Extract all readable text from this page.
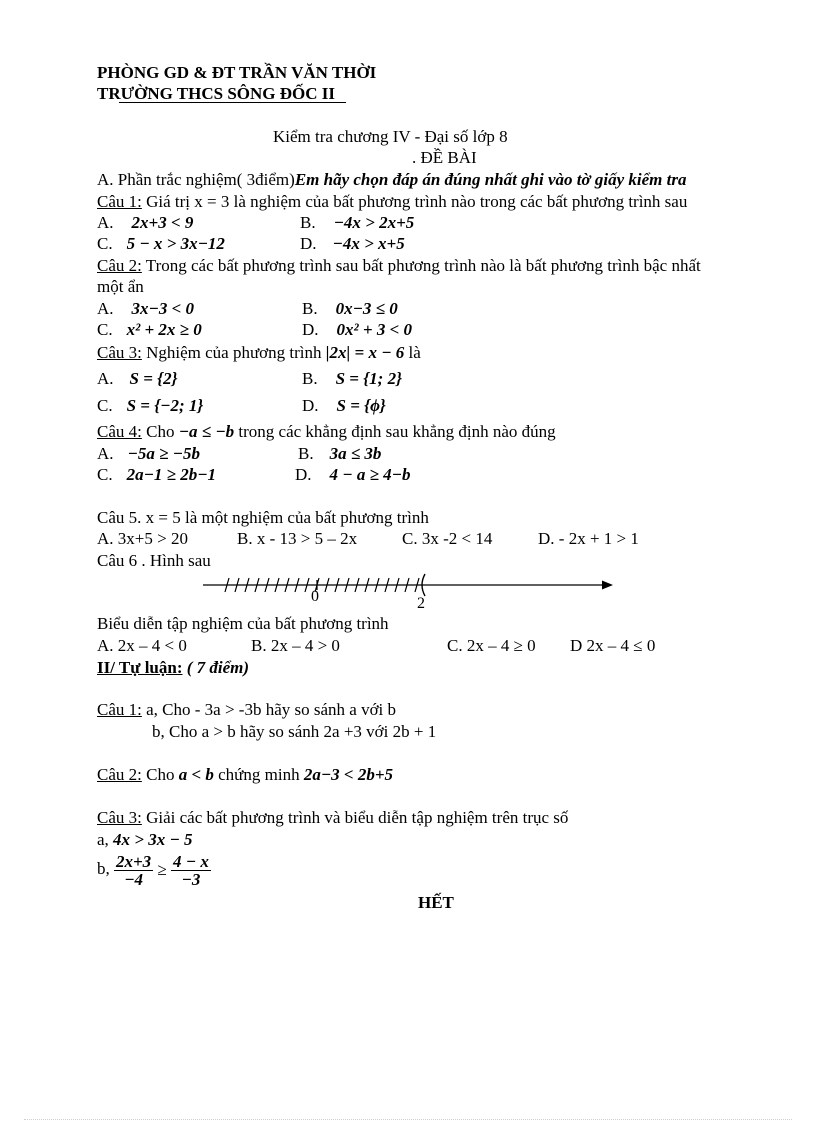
PHÒNG GD & ĐT TRẦN VĂN THỜI
TRƯỜNG THCS SÔNG ĐỐC II
Kiểm tra chương IV - Đại số lớp 8
. ĐỀ BÀI
A. Phần trắc nghiệm( 3điểm)Em hãy chọn đáp án đúng nhất ghi vào tờ giấy kiểm tra
Câu 1: Giá trị x = 3 là nghiệm của bất phương trình nào trong các bất phương trình sau
A. 2x+3 < 9	B. −4x > 2x+5
C. 5 − x > 3x−12	D. −4x > x+5
Câu 2: Trong các bất phương trình sau bất phương trình nào là bất phương trình bậc nhất
một ẩn
A. 3x−3 < 0	B. 0x−3 ≤ 0
C. x² + 2x ≥ 0	D. 0x² + 3 < 0
Câu 3: Nghiệm của phương trình |2x| = x − 6 là
A. S = {2}	B. S = {1; 2}
C. S = {−2; 1}	D. S = {ϕ}
Câu 4: Cho −a ≤ −b trong các khẳng định sau khẳng định nào đúng
A. −5a ≥ −5b	B. 3a ≤ 3b
C. 2a−1 ≥ 2b−1	D. 4 − a ≥ 4−b
Câu 5. x = 5 là một nghiệm của bất phương trình
A. 3x+5 > 20	B. x - 13 > 5 – 2x	C. 3x -2 < 14	D. - 2x + 1 > 1
Câu 6 . Hình sau
0	2
Biểu diễn tập nghiệm của bất phương trình
A. 2x – 4 < 0	B. 2x – 4 > 0	C. 2x – 4 ≥ 0 D 2x – 4 ≤ 0
II/ Tự luận: ( 7 điểm)
Câu 1: a, Cho - 3a > -3b hãy so sánh a với b
b, Cho a > b hãy so sánh 2a +3 với 2b + 1
Câu 2: Cho a < b chứng minh 2a−3 < 2b+5
Câu 3: Giải các bất phương trình và biểu diễn tập nghiệm trên trục số
a, 4x > 3x − 5
b, $\frac{2x+3}{-4} \ge \frac{4 - x}{-3}$
HẾT
